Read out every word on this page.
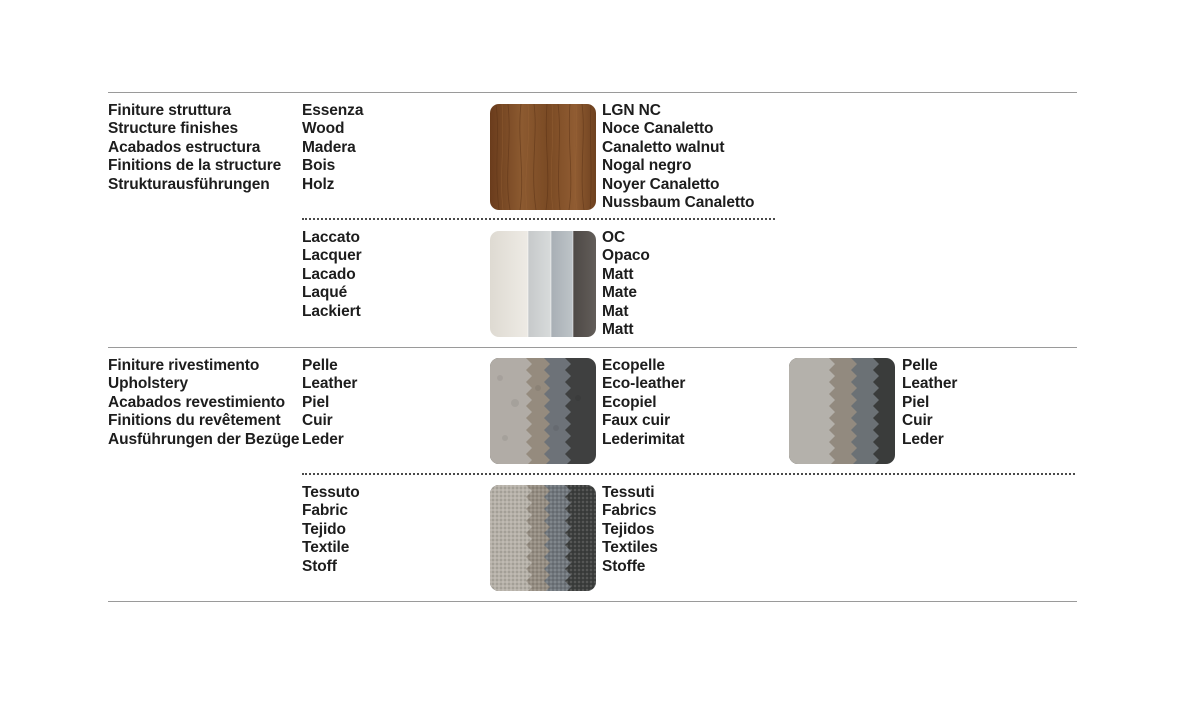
Finiture struttura
Structure finishes
Acabados estructura
Finitions de la structure
Strukturausführungen
Essenza
Wood
Madera
Bois
Holz
LGN NC
Noce Canaletto
Canaletto walnut
Nogal negro
Noyer Canaletto
Nussbaum Canaletto
Laccato
Lacquer
Lacado
Laqué
Lackiert
OC
Opaco
Matt
Mate
Mat
Matt
Finiture rivestimento
Upholstery
Acabados revestimiento
Finitions du revêtement
Ausführungen der Bezüge
Pelle
Leather
Piel
Cuir
Leder
Ecopelle
Eco-leather
Ecopiel
Faux cuir
Lederimitat
Pelle
Leather
Piel
Cuir
Leder
Tessuto
Fabric
Tejido
Textile
Stoff
Tessuti
Fabrics
Tejidos
Textiles
Stoffe
